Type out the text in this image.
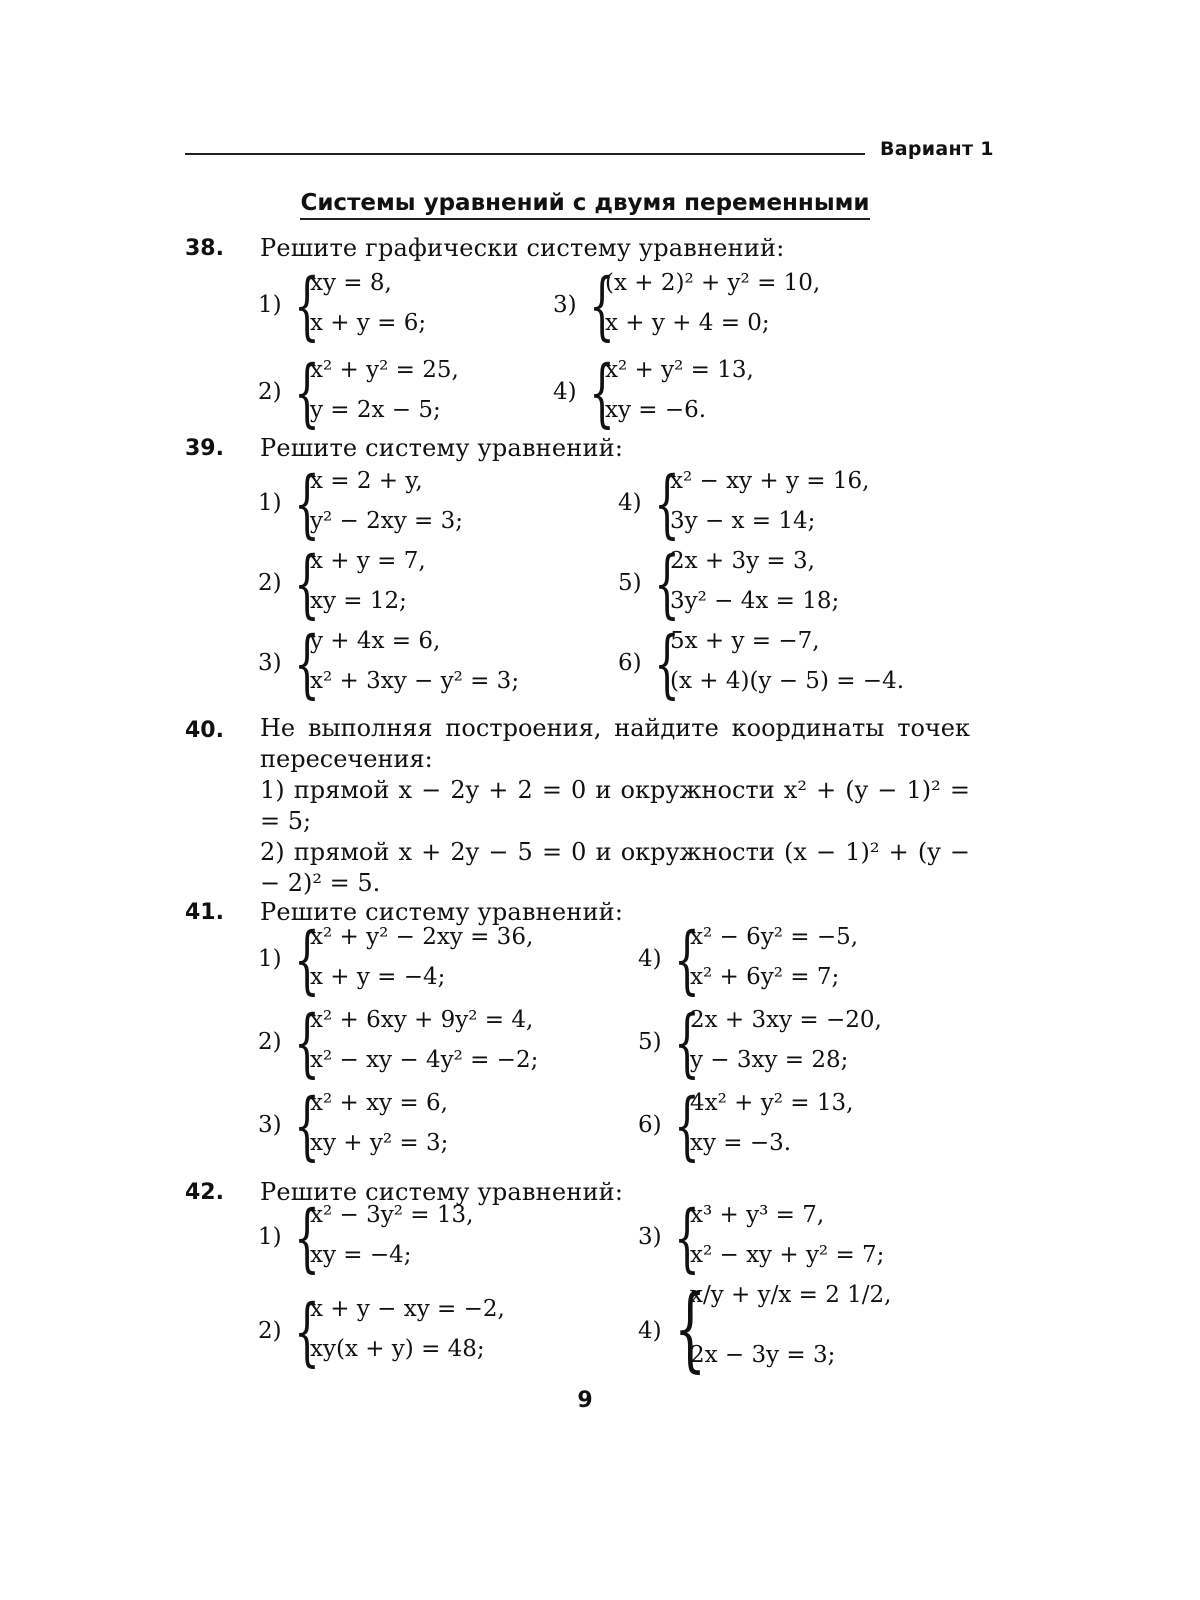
Вариант 1
Системы уравнений с двумя переменными
38. Решите графически систему уравнений:
1) {
xy = 8,
x + y = 6;
2) {
x² + y² = 25,
y = 2x − 5;
3) {
(x + 2)² + y² = 10,
x + y + 4 = 0;
4) {
x² + y² = 13,
xy = −6.
39. Решите систему уравнений:
1) {
x = 2 + y,
y² − 2xy = 3;
2) {
x + y = 7,
xy = 12;
3) {
y + 4x = 6,
x² + 3xy − y² = 3;
4) {
x² − xy + y = 16,
3y − x = 14;
5) {
2x + 3y = 3,
3y² − 4x = 18;
6) {
5x + y = −7,
(x + 4)(y − 5) = −4.
40. Не выполняя построения, найдите координаты точек
пересечения:

1) прямой x − 2y + 2 = 0 и окружности x² + (y − 1)² =
= 5;

2) прямой x + 2y − 5 = 0 и окружности (x − 1)² + (y −
− 2)² = 5.
41. Решите систему уравнений:
1) {
x² + y² − 2xy = 36,
x + y = −4;
2) {
x² + 6xy + 9y² = 4,
x² − xy − 4y² = −2;
3) {
x² + xy = 6,
xy + y² = 3;
4) {
x² − 6y² = −5,
x² + 6y² = 7;
5) {
2x + 3xy = −20,
y − 3xy = 28;
6) {
4x² + y² = 13,
xy = −3.
42. Решите систему уравнений:
1) {
x² − 3y² = 13,
xy = −4;
2) {
x + y − xy = −2,
xy(x + y) = 48;
3) {
x³ + y³ = 7,
x² − xy + y² = 7;
4) {
x/y + y/x = 2 1/2,
2x − 3y = 3;
9
